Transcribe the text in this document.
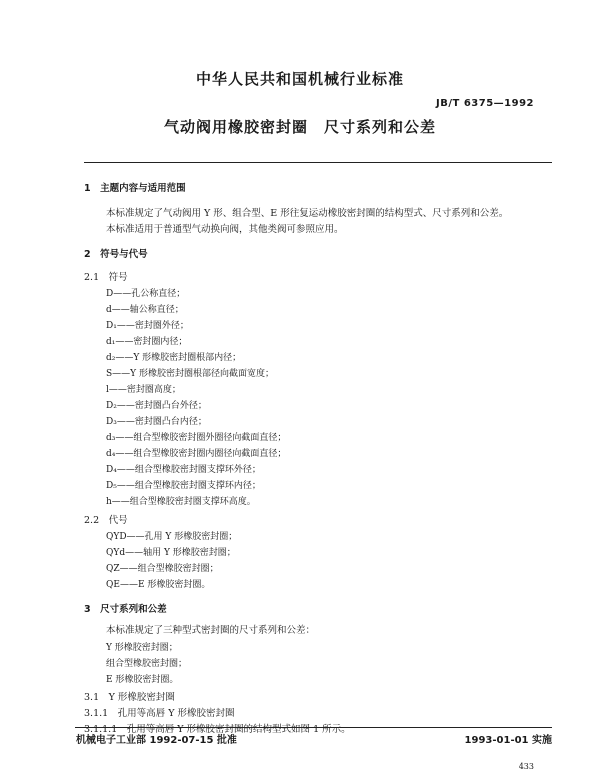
中华人民共和国机械行业标准
JB/T 6375—1992
气动阀用橡胶密封圈　尺寸系列和公差
1　主题内容与适用范围
本标准规定了气动阀用 Y 形、组合型、E 形往复运动橡胶密封圈的结构型式、尺寸系列和公差。
本标准适用于普通型气动换向阀，其他类阀可参照应用。
2　符号与代号
2.1　符号
D——孔公称直径；
d——轴公称直径；
D₁——密封圈外径；
d₁——密封圈内径；
d₂——Y 形橡胶密封圈根部内径；
S——Y 形橡胶密封圈根部径向截面宽度；
l——密封圈高度；
D₂——密封圈凸台外径；
D₃——密封圈凸台内径；
d₃——组合型橡胶密封圈外圈径向截面直径；
d₄——组合型橡胶密封圈内圈径向截面直径；
D₄——组合型橡胶密封圈支撑环外径；
D₅——组合型橡胶密封圈支撑环内径；
h——组合型橡胶密封圈支撑环高度。
2.2　代号
QYD——孔用 Y 形橡胶密封圈；
QYd——轴用 Y 形橡胶密封圈；
QZ——组合型橡胶密封圈；
QE——E 形橡胶密封圈。
3　尺寸系列和公差
本标准规定了三种型式密封圈的尺寸系列和公差：
Y 形橡胶密封圈；
组合型橡胶密封圈；
E 形橡胶密封圈。
3.1　Y 形橡胶密封圈
3.1.1　孔用等高唇 Y 形橡胶密封圈
3.1.1.1　孔用等高唇 Y 形橡胶密封圈的结构型式如图 1 所示。
机械电子工业部 1992-07-15 批准	1993-01-01 实施
433
